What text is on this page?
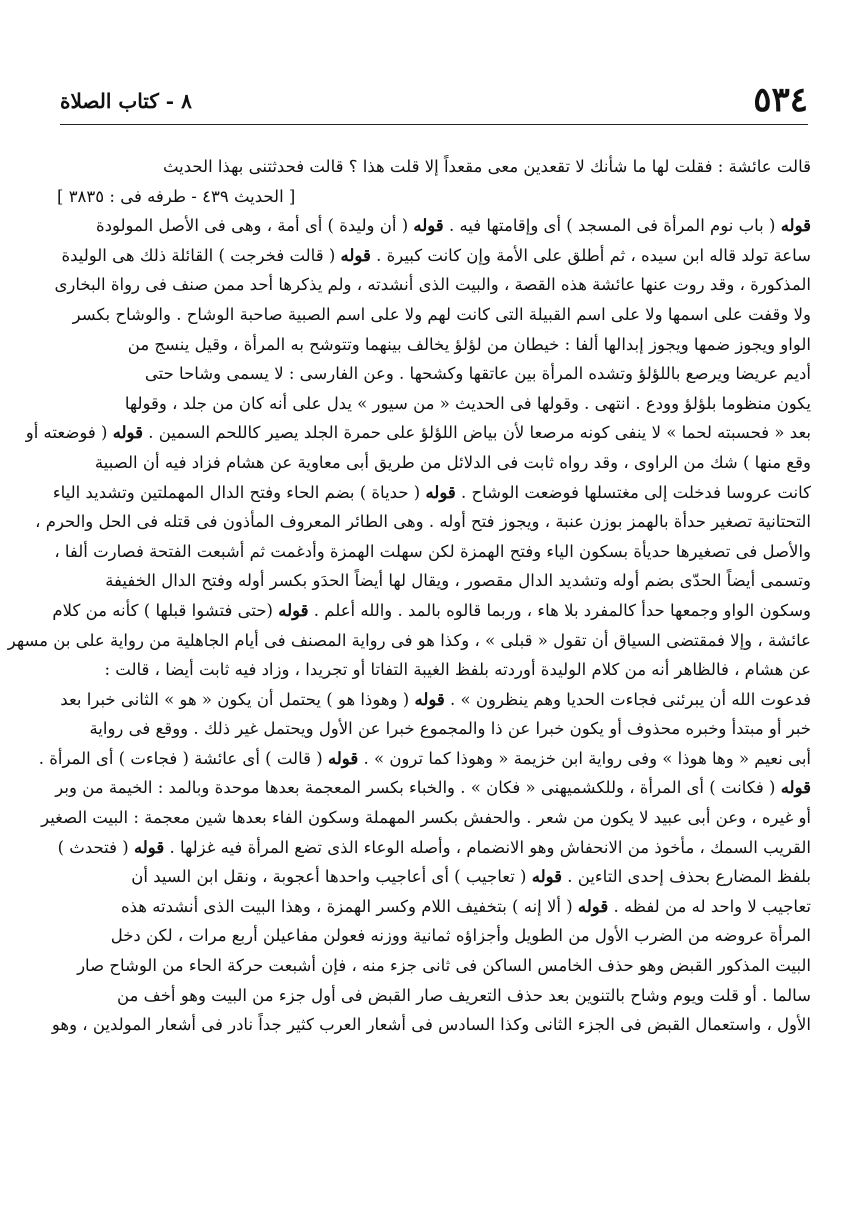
٥٣٤
٨ - كتاب الصلاة
قالت عائشة : فقلت لها ما شأنك لا تقعدين معى مقعداً إلا قلت هذا ؟ قالت فحدثتنى بهذا الحديث
[ الحديث ٤٣٩ - طرفه فى : ٣٨٣٥ ]
قوله ( باب نوم المرأة فى المسجد ) أى وإقامتها فيه . قوله ( أن وليدة ) أى أمة ، وهى فى الأصل المولودة
ساعة تولد قاله ابن سيده ، ثم أطلق على الأمة وإن كانت كبيرة . قوله ( قالت فخرجت ) القائلة ذلك هى الوليدة
المذكورة ، وقد روت عنها عائشة هذه القصة ، والبيت الذى أنشدته ، ولم يذكرها أحد ممن صنف فى رواة البخارى
ولا وقفت على اسمها ولا على اسم القبيلة التى كانت لهم ولا على اسم الصبية صاحبة الوشاح . والوشاح بكسر
الواو ويجوز ضمها ويجوز إبدالها ألفا : خيطان من لؤلؤ يخالف بينهما وتتوشح به المرأة ، وقيل ينسج من
أديم عريضا ويرصع باللؤلؤ وتشده المرأة بين عاتقها وكشحها . وعن الفارسى : لا يسمى وشاحا حتى
يكون منظوما بلؤلؤ وودع . انتهى . وقولها فى الحديث « من سيور » يدل على أنه كان من جلد ، وقولها
بعد « فحسبته لحما » لا ينفى كونه مرصعا لأن بياض اللؤلؤ على حمرة الجلد يصير كاللحم السمين . قوله ( فوضعته أو
وقع منها ) شك من الراوى ، وقد رواه ثابت فى الدلائل من طريق أبى معاوية عن هشام فزاد فيه أن الصبية
كانت عروسا فدخلت إلى مغتسلها فوضعت الوشاح . قوله ( حدياة ) بضم الحاء وفتح الدال المهملتين وتشديد الياء
التحتانية تصغير حدأة بالهمز بوزن عنبة ، ويجوز فتح أوله . وهى الطائر المعروف المأذون فى قتله فى الحل والحرم ،
والأصل فى تصغيرها حديأة بسكون الياء وفتح الهمزة لكن سهلت الهمزة وأدغمت ثم أشبعت الفتحة فصارت ألفا ،
وتسمى أيضاً الحدّى بضم أوله وتشديد الدال مقصور ، ويقال لها أيضاً الحدَو بكسر أوله وفتح الدال الخفيفة
وسكون الواو وجمعها حدأ كالمفرد بلا هاء ، وربما قالوه بالمد . والله أعلم . قوله (حتى فتشوا قبلها ) كأنه من كلام
عائشة ، وإلا فمقتضى السياق أن تقول « قبلى » ، وكذا هو فى رواية المصنف فى أيام الجاهلية من رواية على بن مسهر
عن هشام ، فالظاهر أنه من كلام الوليدة أوردته بلفظ الغيبة التفاتا أو تجريدا ، وزاد فيه ثابت أيضا ، قالت :
فدعوت الله أن يبرئنى فجاءت الحديا وهم ينظرون » . قوله ( وهوذا هو ) يحتمل أن يكون « هو » الثانى خبرا بعد
خبر أو مبتدأ وخبره محذوف أو يكون خبرا عن ذا والمجموع خبرا عن الأول ويحتمل غير ذلك . ووقع فى رواية
أبى نعيم « وها هوذا » وفى رواية ابن خزيمة « وهوذا كما ترون » . قوله ( قالت ) أى عائشة ( فجاءت ) أى المرأة .
قوله ( فكانت ) أى المرأة ، وللكشميهنى « فكان » . والخباء بكسر المعجمة بعدها موحدة وبالمد : الخيمة من وبر
أو غيره ، وعن أبى عبيد لا يكون من شعر . والحفش بكسر المهملة وسكون الفاء بعدها شين معجمة : البيت الصغير
القريب السمك ، مأخوذ من الانحفاش وهو الانضمام ، وأصله الوعاء الذى تضع المرأة فيه غزلها . قوله ( فتحدث )
بلفظ المضارع بحذف إحدى التاءين . قوله ( تعاجيب ) أى أعاجيب واحدها أعجوبة ، ونقل ابن السيد أن
تعاجيب لا واحد له من لفظه . قوله ( ألا إنه ) بتخفيف اللام وكسر الهمزة ، وهذا البيت الذى أنشدته هذه
المرأة عروضه من الضرب الأول من الطويل وأجزاؤه ثمانية ووزنه فعولن مفاعيلن أربع مرات ، لكن دخل
البيت المذكور القبض وهو حذف الخامس الساكن فى ثانى جزء منه ، فإن أشبعت حركة الحاء من الوشاح صار
سالما . أو قلت ويوم وشاح بالتنوين بعد حذف التعريف صار القبض فى أول جزء من البيت وهو أخف من
الأول ، واستعمال القبض فى الجزء الثانى وكذا السادس فى أشعار العرب كثير جداً نادر فى أشعار المولدين ، وهو
